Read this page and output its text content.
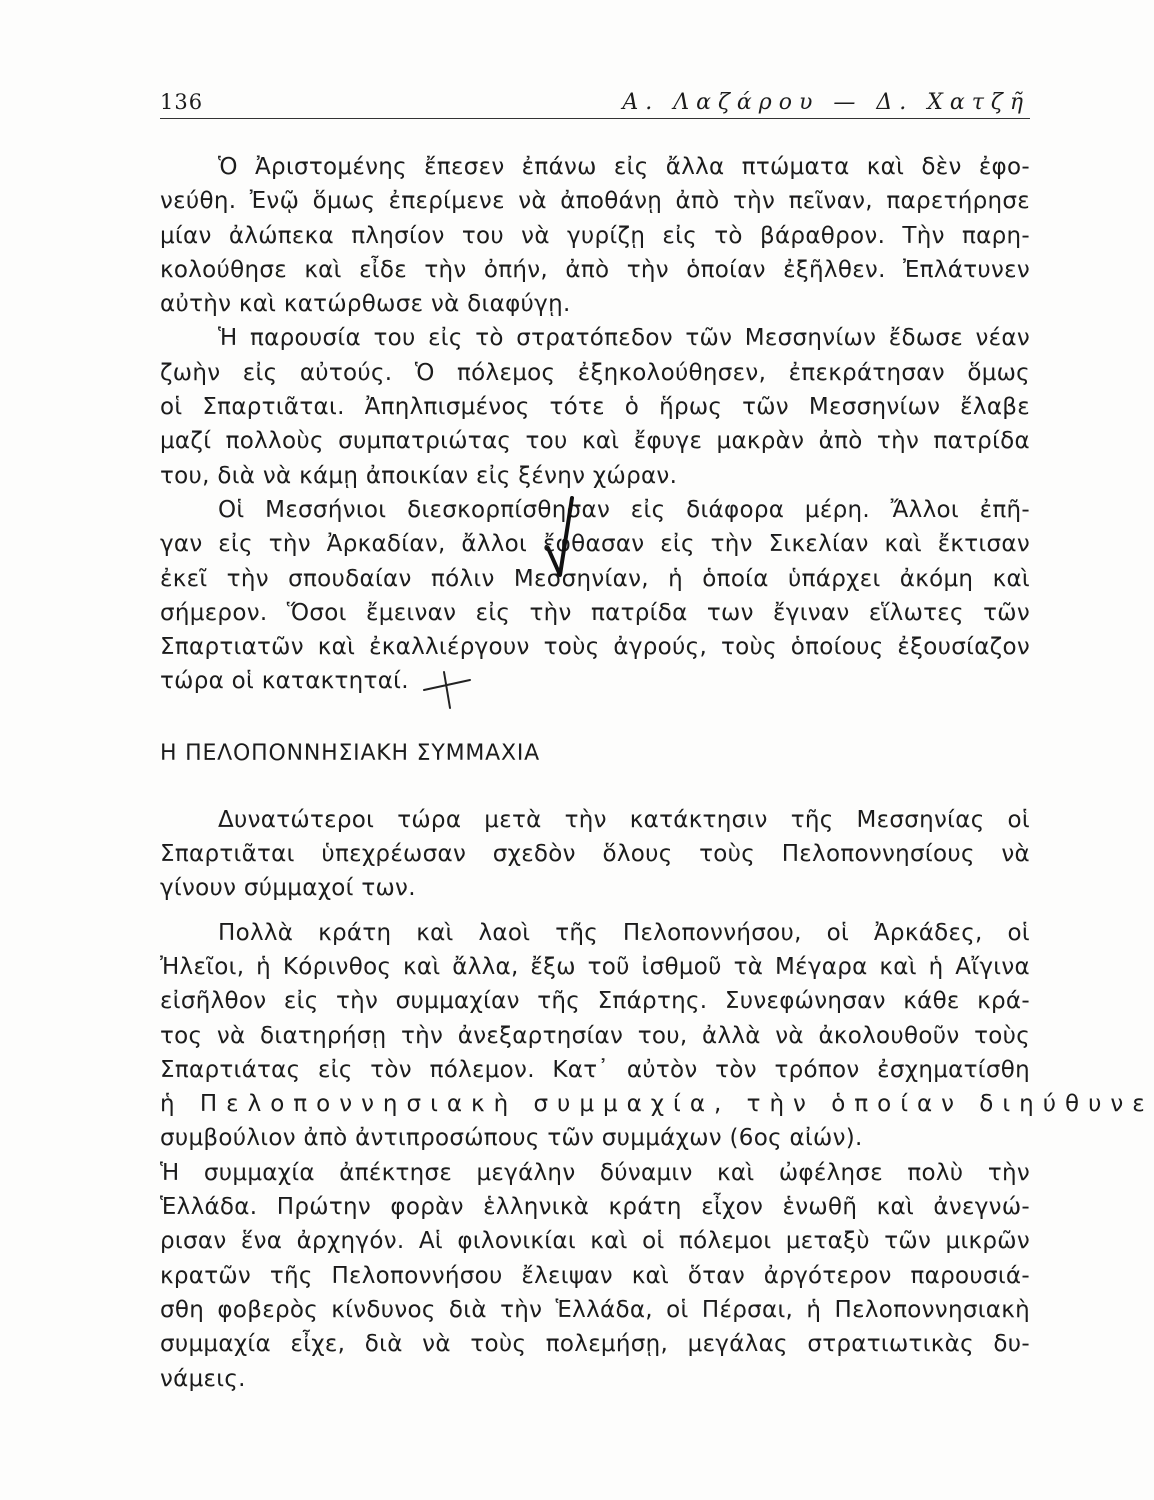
136	Α. Λαζάρου — Δ. Χατζῆ
Ὁ Ἀριστομένης ἔπεσεν ἐπάνω εἰς ἄλλα πτώματα καὶ δὲν ἐφο-
νεύθη. Ἐνῷ ὅμως ἐπερίμενε νὰ ἀποθάνῃ ἀπὸ τὴν πεῖναν, παρετήρησε
μίαν ἀλώπεκα πλησίον του νὰ γυρίζῃ εἰς τὸ βάραθρον. Τὴν παρη-
κολούθησε καὶ εἶδε τὴν ὀπήν, ἀπὸ τὴν ὁποίαν ἐξῆλθεν. Ἐπλάτυνεν
αὐτὴν καὶ κατώρθωσε νὰ διαφύγῃ.
Ἡ παρουσία του εἰς τὸ στρατόπεδον τῶν Μεσσηνίων ἔδωσε νέαν
ζωὴν εἰς αὐτούς. Ὁ πόλεμος ἐξηκολούθησεν, ἐπεκράτησαν ὅμως
οἱ Σπαρτιᾶται. Ἀπηλπισμένος τότε ὁ ἥρως τῶν Μεσσηνίων ἔλαβε
μαζί πολλοὺς συμπατριώτας του καὶ ἔφυγε μακρὰν ἀπὸ τὴν πατρίδα
του, διὰ νὰ κάμῃ ἀποικίαν εἰς ξένην χώραν.
Οἱ Μεσσήνιοι διεσκορπίσθησαν εἰς διάφορα μέρη. Ἄλλοι ἐπῆ-
γαν εἰς τὴν Ἀρκαδίαν, ἄλλοι ἔφθασαν εἰς τὴν Σικελίαν καὶ ἔκτισαν
ἐκεῖ τὴν σπουδαίαν πόλιν Μεσσηνίαν, ἡ ὁποία ὑπάρχει ἀκόμη καὶ
σήμερον. Ὅσοι ἔμειναν εἰς τὴν πατρίδα των ἔγιναν εἵλωτες τῶν
Σπαρτιατῶν καὶ ἐκαλλιέργουν τοὺς ἀγρούς, τοὺς ὁποίους ἐξουσίαζον
τώρα οἱ κατακτηταί.
Η ΠΕΛΟΠΟΝΝΗΣΙΑΚΗ ΣΥΜΜΑΧΙΑ
Δυνατώτεροι τώρα μετὰ τὴν κατάκτησιν τῆς Μεσσηνίας οἱ
Σπαρτιᾶται ὑπεχρέωσαν σχεδὸν ὅλους τοὺς Πελοποννησίους νὰ
γίνουν σύμμαχοί των.
Πολλὰ κράτη καὶ λαοὶ τῆς Πελοποννήσου, οἱ Ἀρκάδες, οἱ
Ἠλεῖοι, ἡ Κόρινθος καὶ ἄλλα, ἔξω τοῦ ἰσθμοῦ τὰ Μέγαρα καὶ ἡ Αἴγινα
εἰσῆλθον εἰς τὴν συμμαχίαν τῆς Σπάρτης. Συνεφώνησαν κάθε κρά-
τος νὰ διατηρήσῃ τὴν ἀνεξαρτησίαν του, ἀλλὰ νὰ ἀκολουθοῦν τοὺς
Σπαρτιάτας εἰς τὸν πόλεμον. Κατ᾽ αὐτὸν τὸν τρόπον ἐσχηματίσθη
ἡ Πελοποννησιακὴ συμμαχία, τὴν ὁποίαν διηύθυνε
συμβούλιον ἀπὸ ἀντιπροσώπους τῶν συμμάχων (6ος αἰών).
Ἡ συμμαχία ἀπέκτησε μεγάλην δύναμιν καὶ ὠφέλησε πολὺ τὴν
Ἑλλάδα. Πρώτην φορὰν ἑλληνικὰ κράτη εἶχον ἑνωθῆ καὶ ἀνεγνώ-
ρισαν ἕνα ἀρχηγόν. Αἱ φιλονικίαι καὶ οἱ πόλεμοι μεταξὺ τῶν μικρῶν
κρατῶν τῆς Πελοποννήσου ἔλειψαν καὶ ὅταν ἀργότερον παρουσιά-
σθη φοβερὸς κίνδυνος διὰ τὴν Ἑλλάδα, οἱ Πέρσαι, ἡ Πελοποννησιακὴ
συμμαχία εἶχε, διὰ νὰ τοὺς πολεμήσῃ, μεγάλας στρατιωτικὰς δυ-
νάμεις.
